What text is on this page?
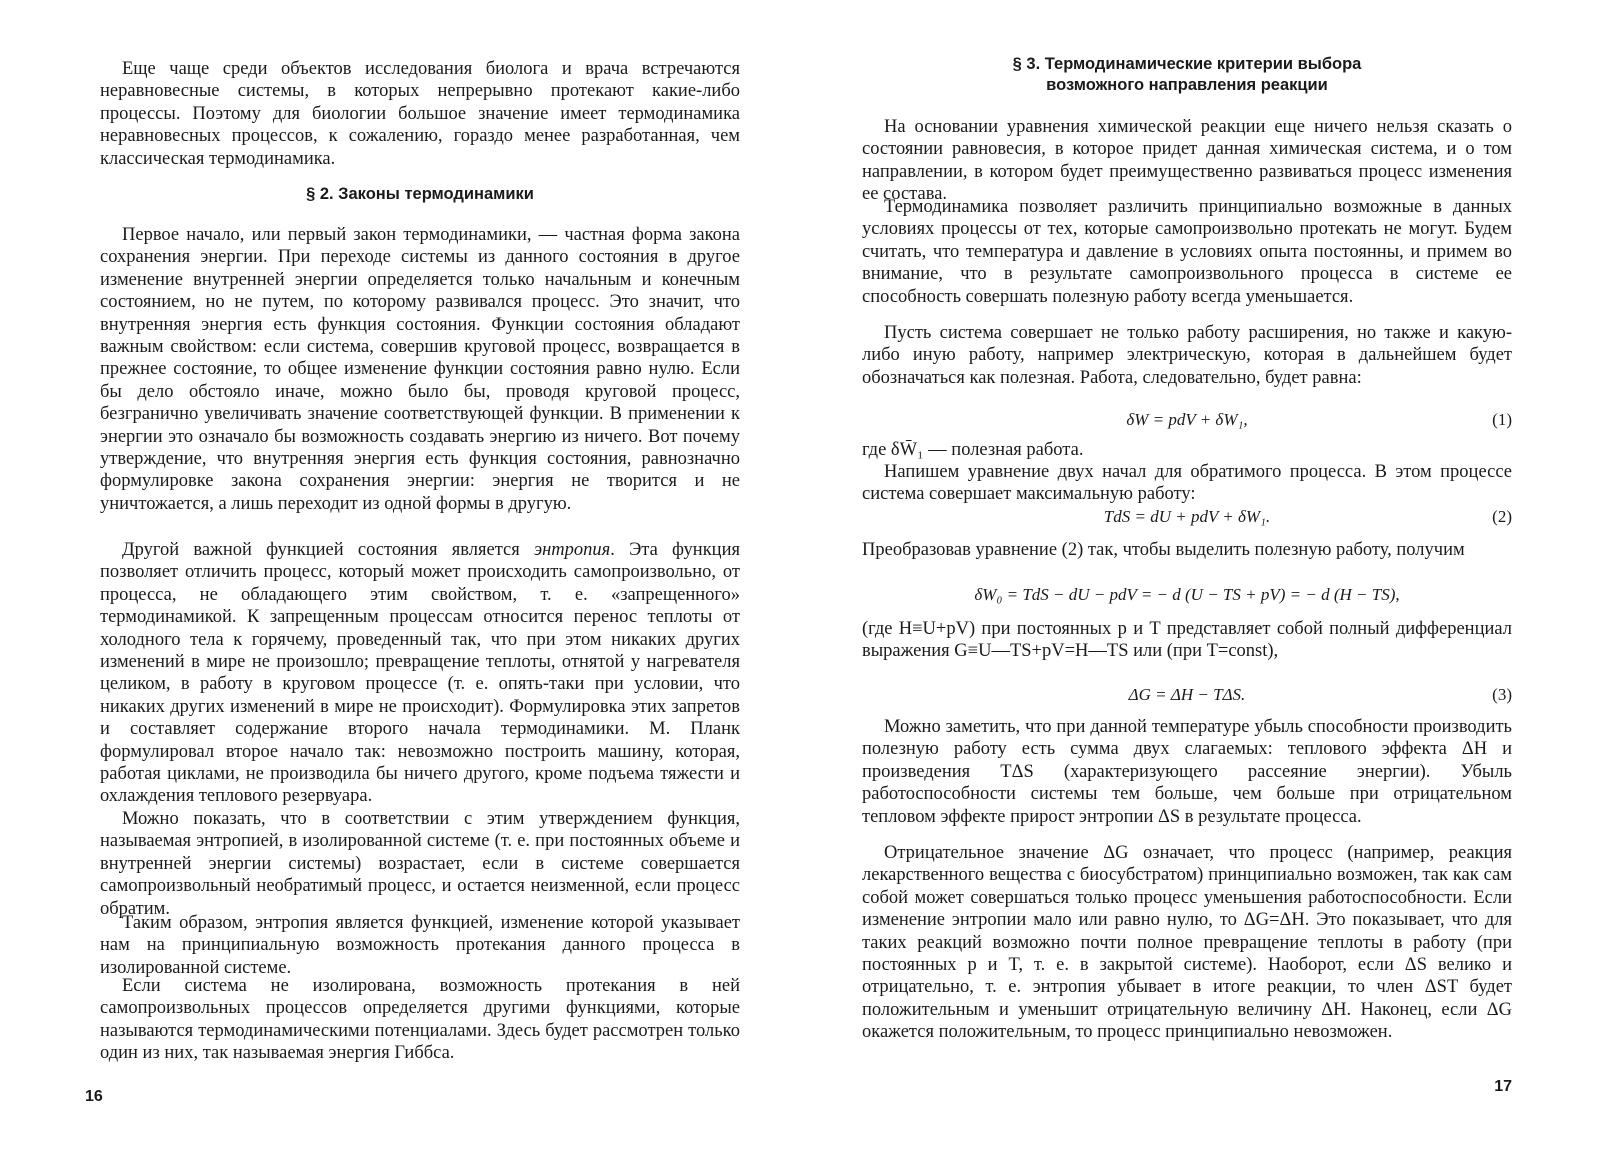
Еще чаще среди объектов исследования биолога и врача встречаются неравновесные системы, в которых непрерывно протекают какие-либо процессы. Поэтому для биологии большое значение имеет термодинамика неравновесных процессов, к сожалению, гораздо менее разработанная, чем классическая термодинамика.

§ 2. Законы термодинамики

Первое начало, или первый закон термодинамики, — частная форма закона сохранения энергии. При переходе системы из данного состояния в другое изменение внутренней энергии определяется только начальным и конечным состоянием, но не путем, по которому развивался процесс. Это значит, что внутренняя энергия есть функция состояния. Функции состояния обладают важным свойством: если система, совершив круговой процесс, возвращается в прежнее состояние, то общее изменение функции состояния равно нулю. Если бы дело обстояло иначе, можно было бы, проводя круговой процесс, безгранично увеличивать значение соответствующей функции. В применении к энергии это означало бы возможность создавать энергию из ничего. Вот почему утверждение, что внутренняя энергия есть функция состояния, равнозначно формулировке закона сохранения энергии: энергия не творится и не уничтожается, а лишь переходит из одной формы в другую.

Другой важной функцией состояния является энтропия. Эта функция позволяет отличить процесс, который может происходить самопроизвольно, от процесса, не обладающего этим свойством, т. е. «запрещенного» термодинамикой. К запрещенным процессам относится перенос теплоты от холодного тела к горячему, проведенный так, что при этом никаких других изменений в мире не произошло; превращение теплоты, отнятой у нагревателя целиком, в работу в круговом процессе (т. е. опять-таки при условии, что никаких других изменений в мире не происходит). Формулировка этих запретов и составляет содержание второго начала термодинамики. М. Планк формулировал второе начало так: невозможно построить машину, которая, работая циклами, не производила бы ничего другого, кроме подъема тяжести и охлаждения теплового резервуара.

Можно показать, что в соответствии с этим утверждением функция, называемая энтропией, в изолированной системе (т. е. при постоянных объеме и внутренней энергии системы) возрастает, если в системе совершается самопроизвольный необратимый процесс, и остается неизменной, если процесс обратим.

Таким образом, энтропия является функцией, изменение которой указывает нам на принципиальную возможность протекания данного процесса в изолированной системе.

Если система не изолирована, возможность протекания в ней самопроизвольных процессов определяется другими функциями, которые называются термодинамическими потенциалами. Здесь будет рассмотрен только один из них, так называемая энергия Гиббса.

16
§ 3. Термодинамические критерии выбора
возможного направления реакции

На основании уравнения химической реакции еще ничего нельзя сказать о состоянии равновесия, в которое придет данная химическая система, и о том направлении, в котором будет преимущественно развиваться процесс изменения ее состава.

Термодинамика позволяет различить принципиально возможные в данных условиях процессы от тех, которые самопроизвольно протекать не могут. Будем считать, что температура и давление в условиях опыта постоянны, и примем во внимание, что в результате самопроизвольного процесса в системе ее способность совершать полезную работу всегда уменьшается.

Пусть система совершает не только работу расширения, но также и какую-либо иную работу, например электрическую, которая в дальнейшем будет обозначаться как полезная. Работа, следовательно, будет равна:

δW = pdV + δW₁,	(1)

где δW̄₁ — полезная работа.

Напишем уравнение двух начал для обратимого процесса. В этом процессе система совершает максимальную работу:

TdS = dU + pdV + δW₁.	(2)

Преобразовав уравнение (2) так, чтобы выделить полезную работу, получим

δW₀ = TdS − dU − pdV = − d (U − TS + pV) = − d (H − TS),

(где H≡U+pV) при постоянных p и T представляет собой полный дифференциал выражения G≡U—TS+pV=H—TS или (при T=const),

ΔG = ΔH − TΔS.	(3)

Можно заметить, что при данной температуре убыль способности производить полезную работу есть сумма двух слагаемых: теплового эффекта ΔH и произведения TΔS (характеризующего рассеяние энергии). Убыль работоспособности системы тем больше, чем больше при отрицательном тепловом эффекте прирост энтропии ΔS в результате процесса.

Отрицательное значение ΔG означает, что процесс (например, реакция лекарственного вещества с биосубстратом) принципиально возможен, так как сам собой может совершаться только процесс уменьшения работоспособности. Если изменение энтропии мало или равно нулю, то ΔG=ΔH. Это показывает, что для таких реакций возможно почти полное превращение теплоты в работу (при постоянных p и T, т. е. в закрытой системе). Наоборот, если ΔS велико и отрицательно, т. е. энтропия убывает в итоге реакции, то член ΔST будет положительным и уменьшит отрицательную величину ΔH. Наконец, если ΔG окажется положительным, то процесс принципиально невозможен.

17
